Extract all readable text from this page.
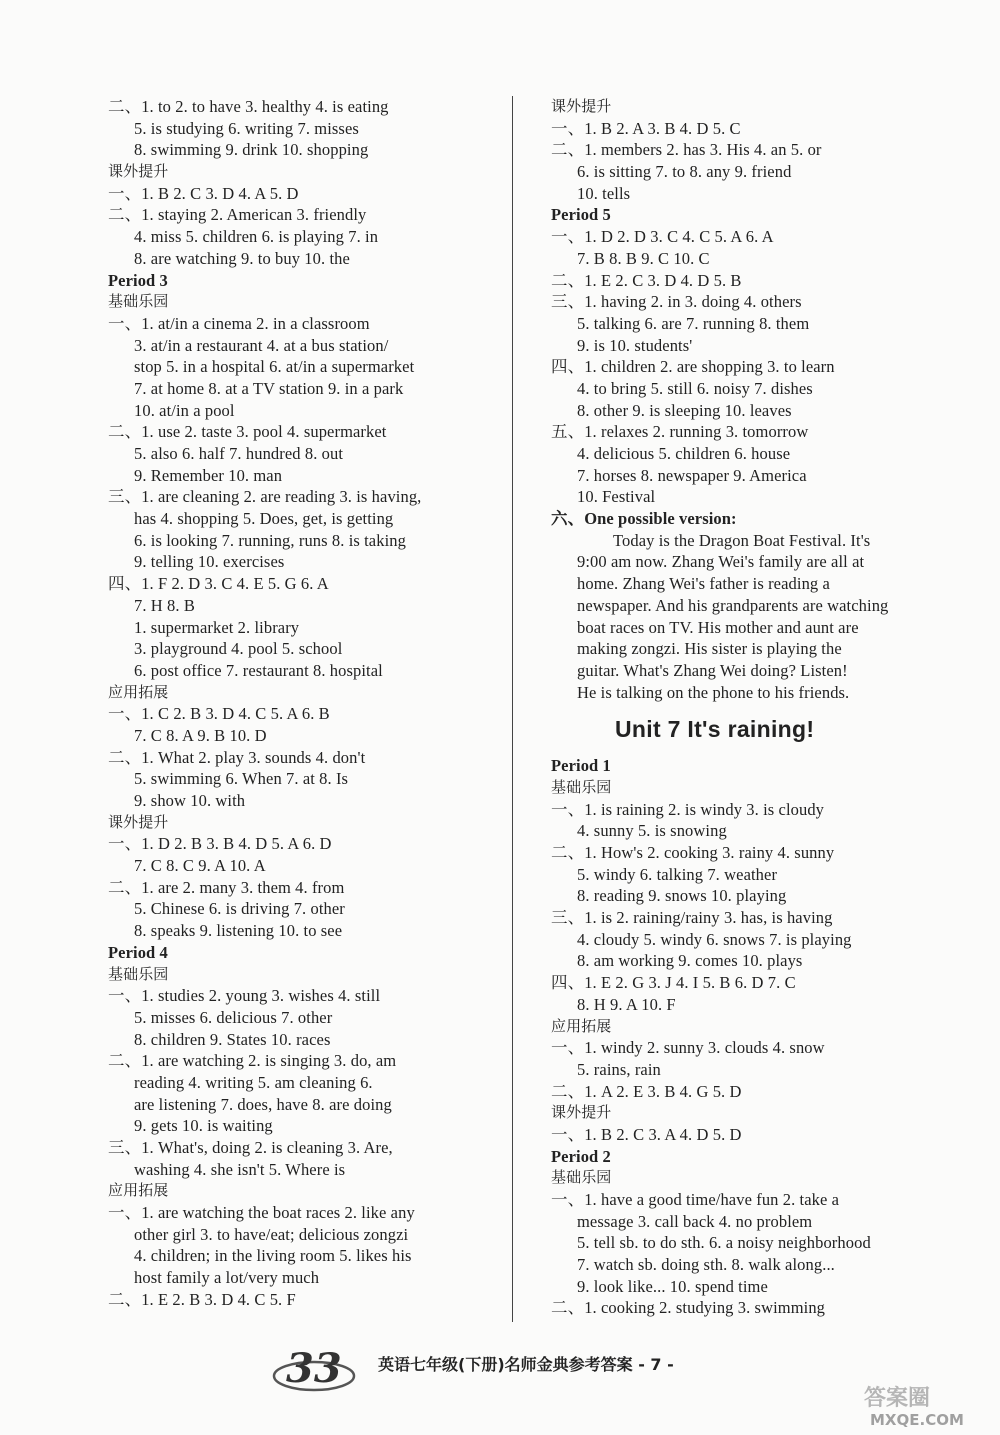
二、1. to 2. to have 3. healthy 4. is eating
5. is studying 6. writing 7. misses
8. swimming 9. drink 10. shopping
课外提升
一、1. B 2. C 3. D 4. A 5. D
二、1. staying 2. American 3. friendly
4. miss 5. children 6. is playing 7. in
8. are watching 9. to buy 10. the
Period 3
基础乐园
一、1. at/in a cinema 2. in a classroom
3. at/in a restaurant 4. at a bus station/
stop 5. in a hospital 6. at/in a supermarket
7. at home 8. at a TV station 9. in a park
10. at/in a pool
二、1. use 2. taste 3. pool 4. supermarket
5. also 6. half 7. hundred 8. out
9. Remember 10. man
三、1. are cleaning 2. are reading 3. is having,
has 4. shopping 5. Does, get, is getting
6. is looking 7. running, runs 8. is taking
9. telling 10. exercises
四、1. F 2. D 3. C 4. E 5. G 6. A
7. H 8. B
1. supermarket 2. library
3. playground 4. pool 5. school
6. post office 7. restaurant 8. hospital
应用拓展
一、1. C 2. B 3. D 4. C 5. A 6. B
7. C 8. A 9. B 10. D
二、1. What 2. play 3. sounds 4. don't
5. swimming 6. When 7. at 8. Is
9. show 10. with
课外提升
一、1. D 2. B 3. B 4. D 5. A 6. D
7. C 8. C 9. A 10. A
二、1. are 2. many 3. them 4. from
5. Chinese 6. is driving 7. other
8. speaks 9. listening 10. to see
Period 4
基础乐园
一、1. studies 2. young 3. wishes 4. still
5. misses 6. delicious 7. other
8. children 9. States 10. races
二、1. are watching 2. is singing 3. do, am
reading 4. writing 5. am cleaning 6.
are listening 7. does, have 8. are doing
9. gets 10. is waiting
三、1. What's, doing 2. is cleaning 3. Are,
washing 4. she isn't 5. Where is
应用拓展
一、1. are watching the boat races 2. like any
other girl 3. to have/eat; delicious zongzi
4. children; in the living room 5. likes his
host family a lot/very much
二、1. E 2. B 3. D 4. C 5. F
课外提升
一、1. B 2. A 3. B 4. D 5. C
二、1. members 2. has 3. His 4. an 5. or
6. is sitting 7. to 8. any 9. friend
10. tells
Period 5
一、1. D 2. D 3. C 4. C 5. A 6. A
7. B 8. B 9. C 10. C
二、1. E 2. C 3. D 4. D 5. B
三、1. having 2. in 3. doing 4. others
5. talking 6. are 7. running 8. them
9. is 10. students'
四、1. children 2. are shopping 3. to learn
4. to bring 5. still 6. noisy 7. dishes
8. other 9. is sleeping 10. leaves
五、1. relaxes 2. running 3. tomorrow
4. delicious 5. children 6. house
7. horses 8. newspaper 9. America
10. Festival
六、One possible version:
Today is the Dragon Boat Festival. It's
9:00 am now. Zhang Wei's family are all at
home. Zhang Wei's father is reading a
newspaper. And his grandparents are watching
boat races on TV. His mother and aunt are
making zongzi. His sister is playing the
guitar. What's Zhang Wei doing? Listen!
He is talking on the phone to his friends.
Unit 7 It's raining!
Period 1
基础乐园
一、1. is raining 2. is windy 3. is cloudy
4. sunny 5. is snowing
二、1. How's 2. cooking 3. rainy 4. sunny
5. windy 6. talking 7. weather
8. reading 9. snows 10. playing
三、1. is 2. raining/rainy 3. has, is having
4. cloudy 5. windy 6. snows 7. is playing
8. am working 9. comes 10. plays
四、1. E 2. G 3. J 4. I 5. B 6. D 7. C
8. H 9. A 10. F
应用拓展
一、1. windy 2. sunny 3. clouds 4. snow
5. rains, rain
二、1. A 2. E 3. B 4. G 5. D
课外提升
一、1. B 2. C 3. A 4. D 5. D
Period 2
基础乐园
一、1. have a good time/have fun 2. take a
message 3. call back 4. no problem
5. tell sb. to do sth. 6. a noisy neighborhood
7. watch sb. doing sth. 8. walk along...
9. look like... 10. spend time
二、1. cooking 2. studying 3. swimming
33 英语七年级(下册)名师金典参考答案 - 7 -
答案圈
MXQE.COM
